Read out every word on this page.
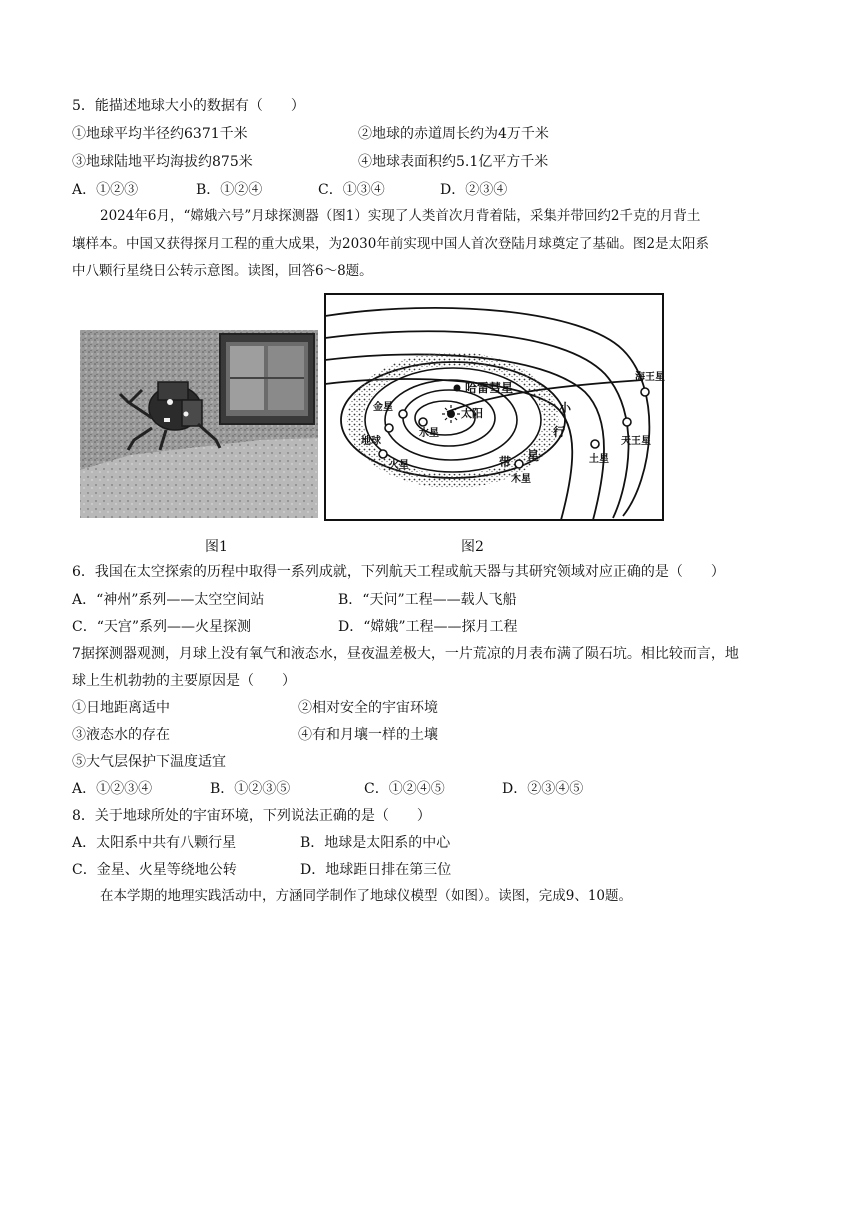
5．能描述地球大小的数据有（　　）
①地球平均半径约6371千米	②地球的赤道周长约为4万千米
③地球陆地平均海拔约875米	④地球表面积约5.1亿平方千米
A．①②③	B．①②④	C．①③④	D．②③④
2024年6月，“嫦娥六号”月球探测器（图1）实现了人类首次月背着陆，采集并带回约2千克的月背土
壤样本。中国又获得探月工程的重大成果，为2030年前实现中国人首次登陆月球奠定了基础。图2是太阳系
中八颗行星绕日公转示意图。读图，回答6～8题。
太阳
水星
金星
地球
火星
木星
土星
天王星
海王星
哈雷彗星
小
行
星
带
图1	图2
6．我国在太空探索的历程中取得一系列成就，下列航天工程或航天器与其研究领域对应正确的是（　　）
A．“神州”系列——太空空间站	B．“天问”工程——载人飞船
C．“天宫”系列——火星探测	D．“嫦娥”工程——探月工程
7据探测器观测，月球上没有氧气和液态水，昼夜温差极大，一片荒凉的月表布满了陨石坑。相比较而言，地
球上生机勃勃的主要原因是（　　）
①日地距离适中	②相对安全的宇宙环境
③液态水的存在	④有和月壤一样的土壤
⑤大气层保护下温度适宜
A．①②③④	B．①②③⑤	C．①②④⑤	D．②③④⑤
8．关于地球所处的宇宙环境，下列说法正确的是（　　）
A．太阳系中共有八颗行星	B．地球是太阳系的中心
C．金星、火星等绕地公转	D．地球距日排在第三位
在本学期的地理实践活动中，方涵同学制作了地球仪模型（如图）。读图，完成9、10题。
